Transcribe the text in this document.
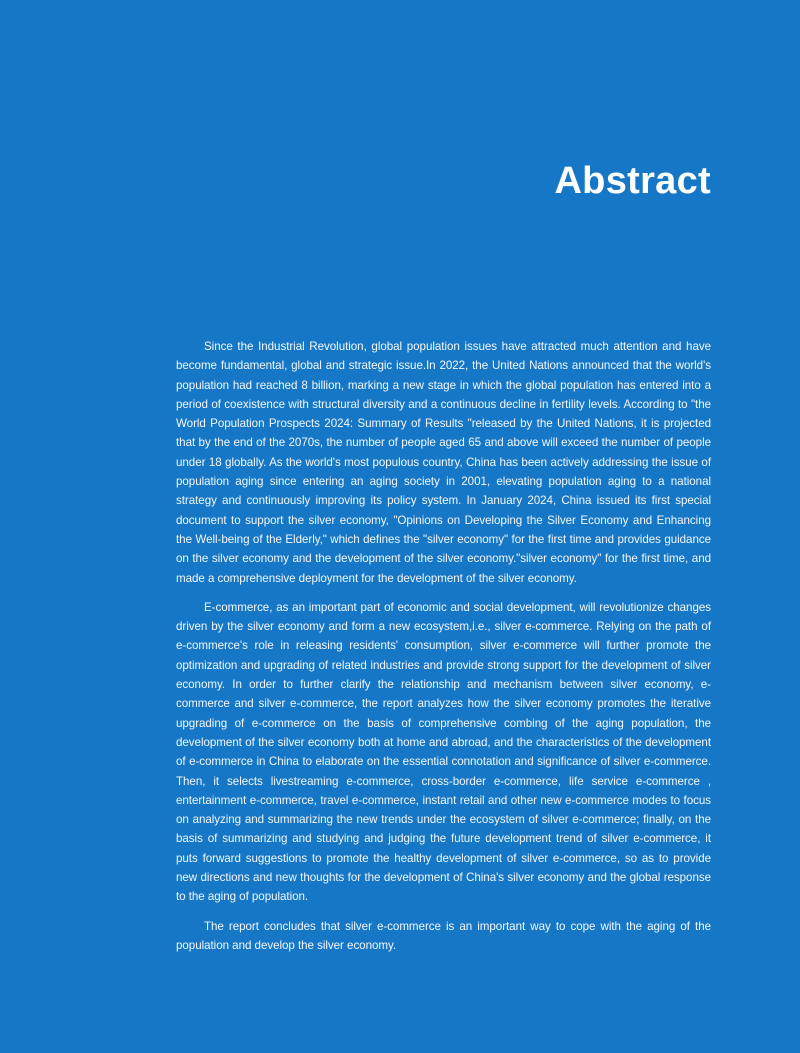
Abstract

Since the Industrial Revolution, global population issues have attracted much attention and have become fundamental, global and strategic issue.In 2022, the United Nations announced that the world's population had reached 8 billion, marking a new stage in which the global population has entered into a period of coexistence with structural diversity and a continuous decline in fertility levels. According to "the World Population Prospects 2024: Summary of Results "released by the United Nations, it is projected that by the end of the 2070s, the number of people aged 65 and above will exceed the number of people under 18 globally. As the world's most populous country, China has been actively addressing the issue of population aging since entering an aging society in 2001, elevating population aging to a national strategy and continuously improving its policy system. In January 2024, China issued its first special document to support the silver economy, "Opinions on Developing the Silver Economy and Enhancing the Well-being of the Elderly," which defines the "silver economy" for the first time and provides guidance on the silver economy and the development of the silver economy."silver economy" for the first time, and made a comprehensive deployment for the development of the silver economy.

E-commerce, as an important part of economic and social development, will revolutionize changes driven by the silver economy and form a new ecosystem,i.e., silver e-commerce. Relying on the path of e-commerce's role in releasing residents' consumption, silver e-commerce will further promote the optimization and upgrading of related industries and provide strong support for the development of silver economy. In order to further clarify the relationship and mechanism between silver economy, e-commerce and silver e-commerce, the report analyzes how the silver economy promotes the iterative upgrading of e-commerce on the basis of comprehensive combing of the aging population, the development of the silver economy both at home and abroad, and the characteristics of the development of e-commerce in China to elaborate on the essential connotation and significance of silver e-commerce. Then, it selects livestreaming e-commerce, cross-border e-commerce, life service e-commerce , entertainment e-commerce, travel e-commerce, instant retail and other new e-commerce modes to focus on analyzing and summarizing the new trends under the ecosystem of silver e-commerce; finally, on the basis of summarizing and studying and judging the future development trend of silver e-commerce, it puts forward suggestions to promote the healthy development of silver e-commerce, so as to provide new directions and new thoughts for the development of China's silver economy and the global response to the aging of population.

The report concludes that silver e-commerce is an important way to cope with the aging of the population and develop the silver economy.
